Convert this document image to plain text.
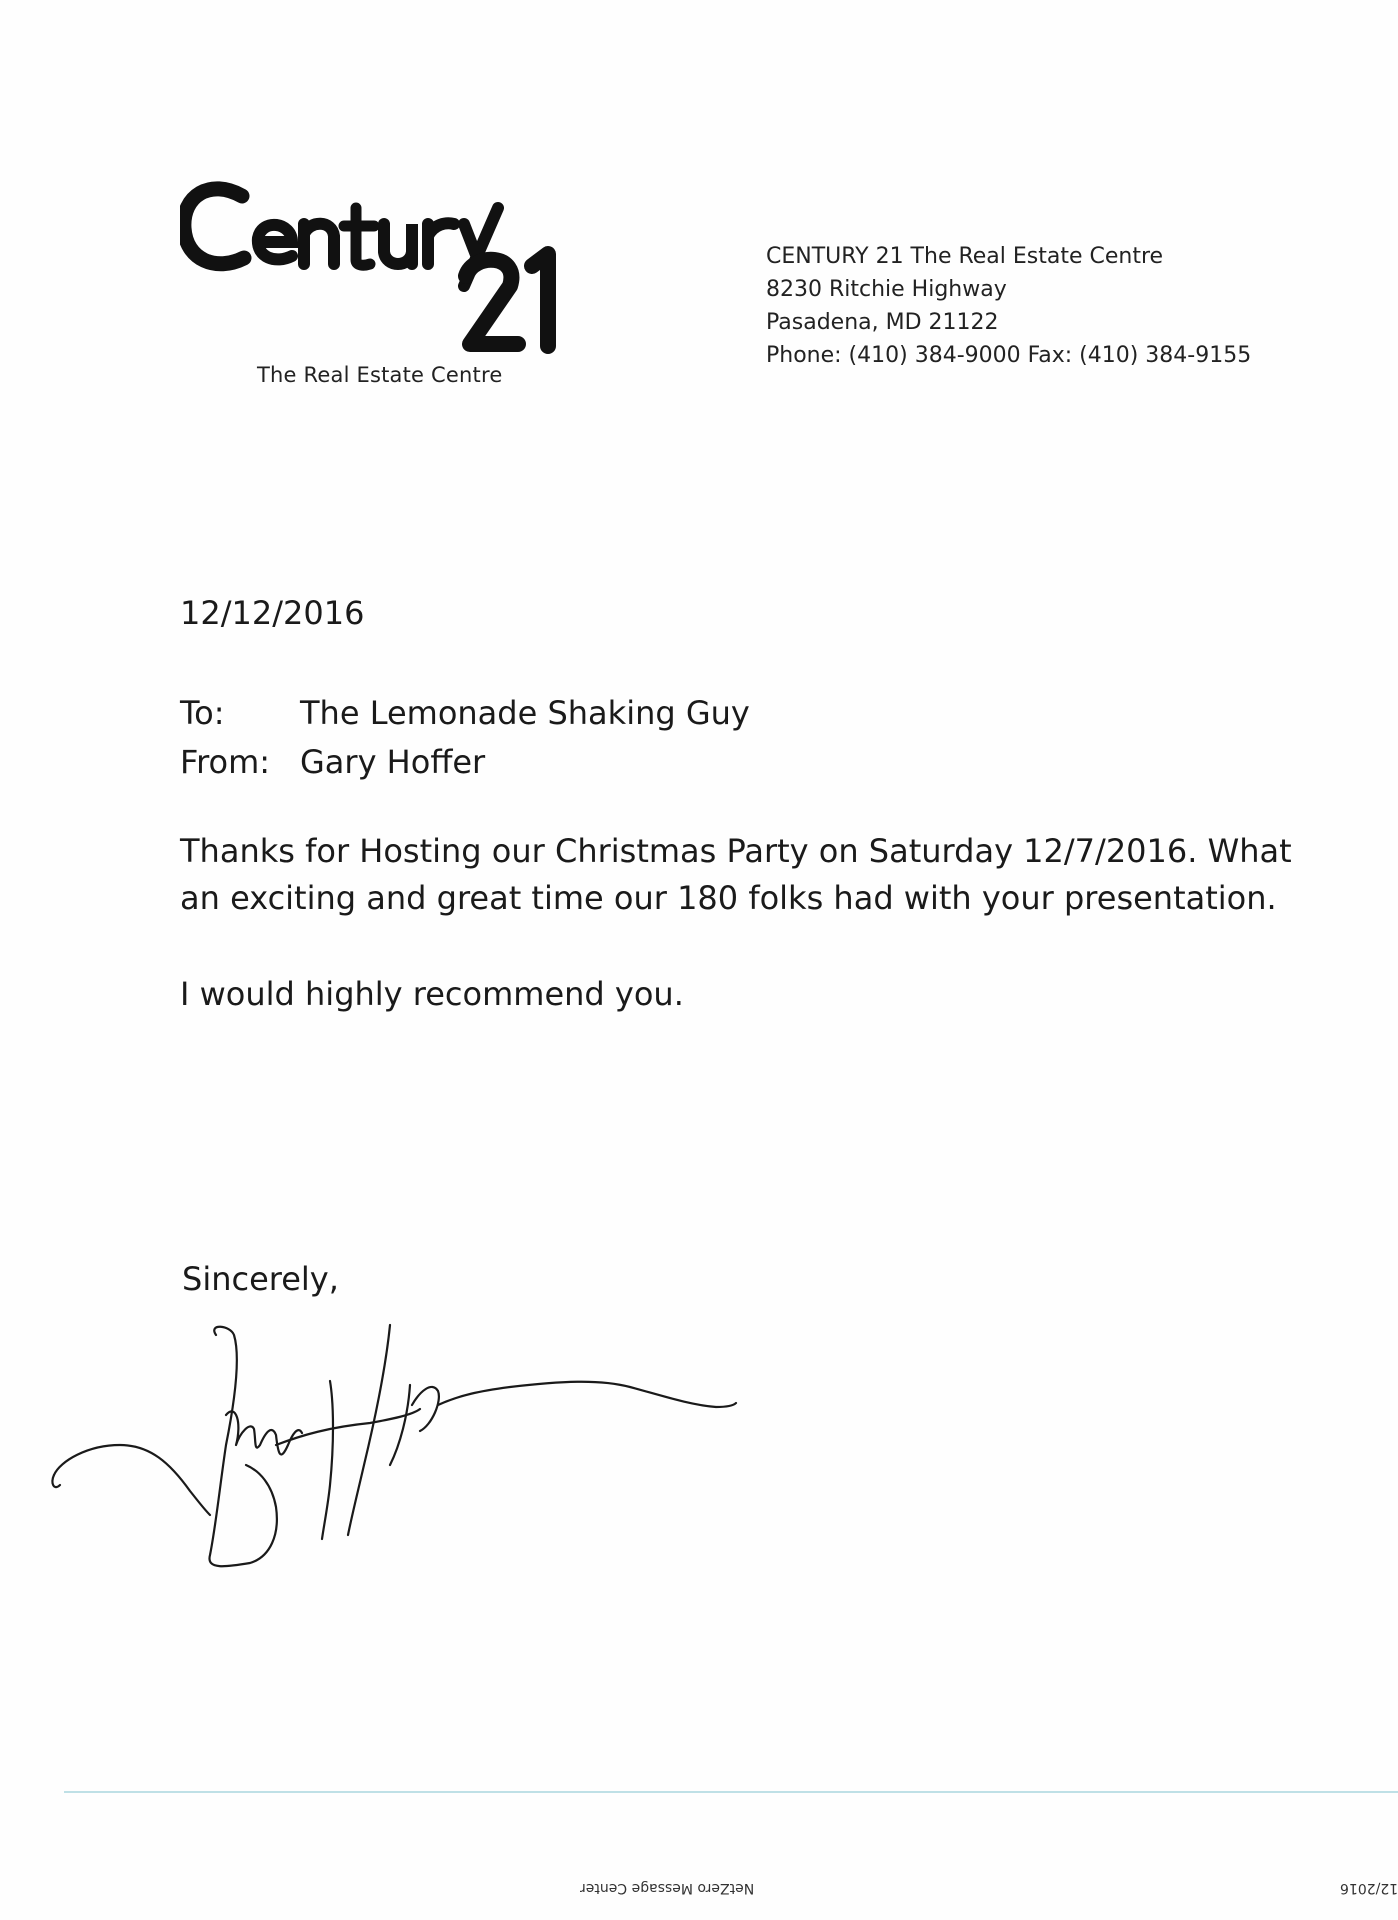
The Real Estate Centre
CENTURY 21 The Real Estate Centre
8230 Ritchie Highway
Pasadena, MD 21122
Phone: (410) 384-9000 Fax: (410) 384-9155
12/12/2016
To:	The Lemonade Shaking Guy
From: Gary Hoffer
Thanks for Hosting our Christmas Party on Saturday 12/7/2016. What
an exciting and great time our 180 folks had with your presentation.
I would highly recommend you.
Sincerely,
NetZero Message Center	12/2016
